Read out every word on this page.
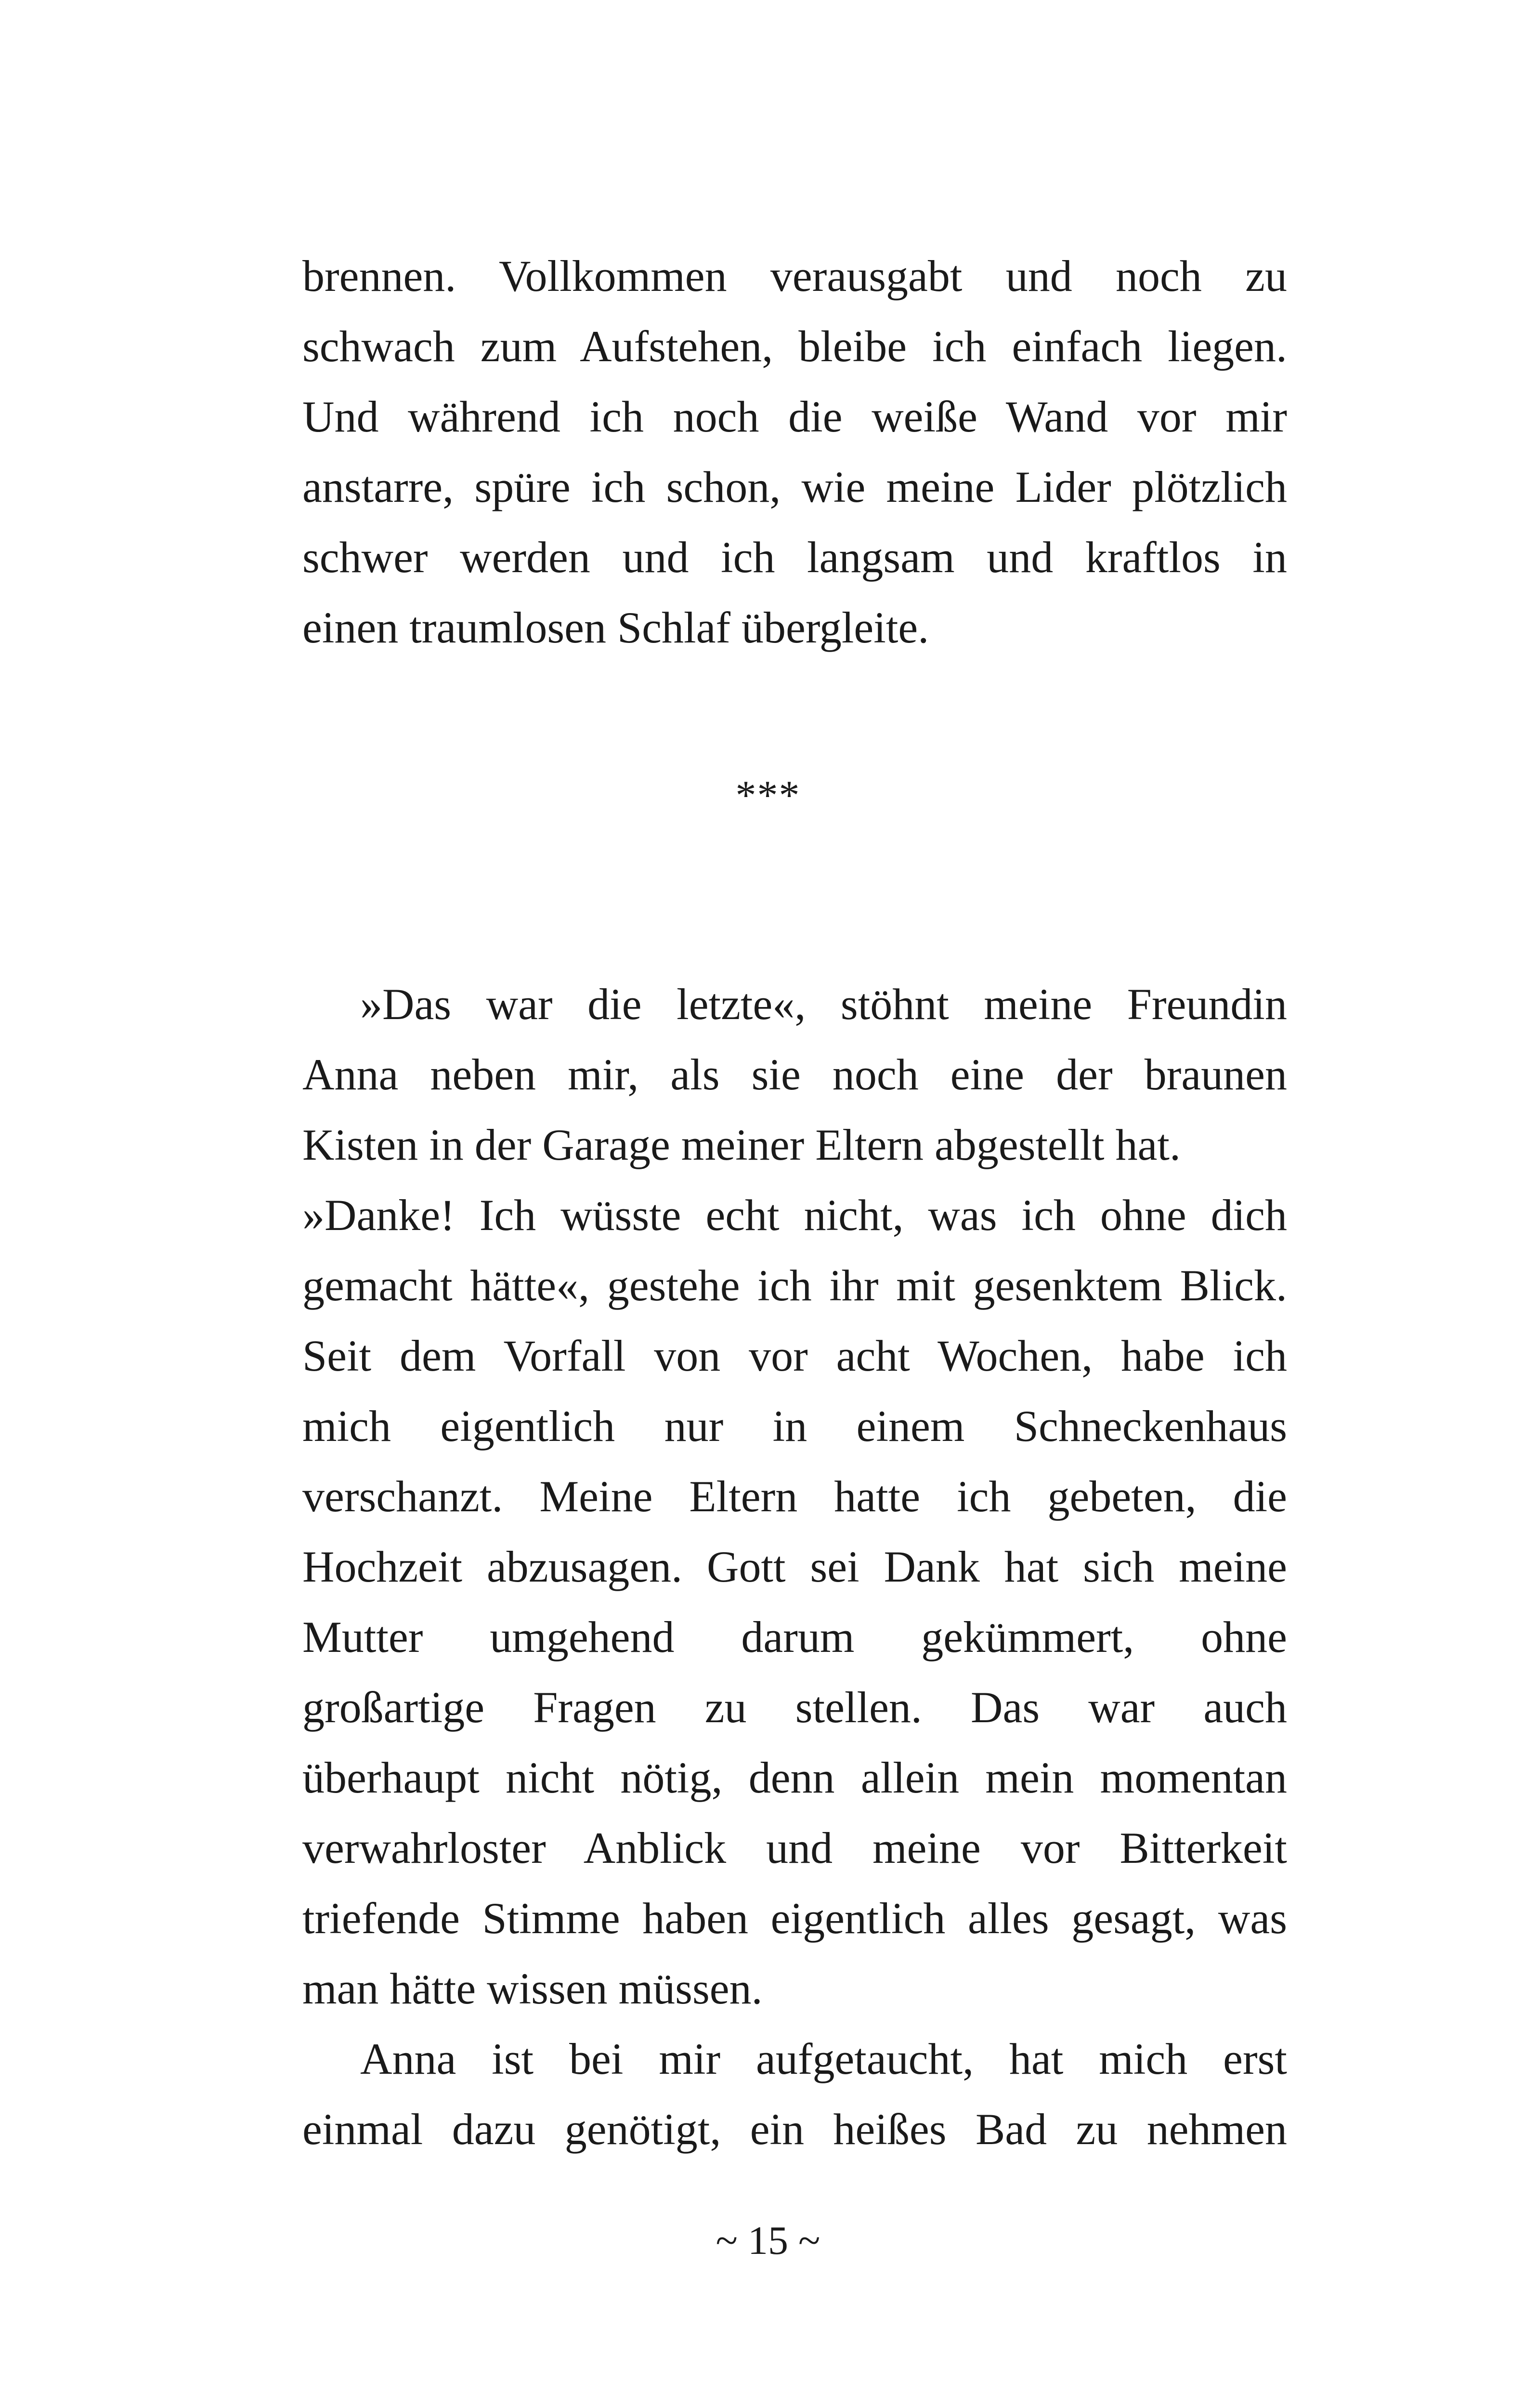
brennen. Vollkommen verausgabt und noch zu
schwach zum Aufstehen, bleibe ich einfach liegen.
Und während ich noch die weiße Wand vor mir
anstarre, spüre ich schon, wie meine Lider plötzlich
schwer werden und ich langsam und kraftlos in
einen traumlosen Schlaf übergleite.
***
»Das war die letzte«, stöhnt meine Freundin
Anna neben mir, als sie noch eine der braunen
Kisten in der Garage meiner Eltern abgestellt hat.
»Danke! Ich wüsste echt nicht, was ich ohne dich
gemacht hätte«, gestehe ich ihr mit gesenktem Blick.
Seit dem Vorfall von vor acht Wochen, habe ich
mich eigentlich nur in einem Schneckenhaus
verschanzt. Meine Eltern hatte ich gebeten, die
Hochzeit abzusagen. Gott sei Dank hat sich meine
Mutter umgehend darum gekümmert, ohne
großartige Fragen zu stellen. Das war auch
überhaupt nicht nötig, denn allein mein momentan
verwahrloster Anblick und meine vor Bitterkeit
triefende Stimme haben eigentlich alles gesagt, was
man hätte wissen müssen.
Anna ist bei mir aufgetaucht, hat mich erst
einmal dazu genötigt, ein heißes Bad zu nehmen
~ 15 ~
